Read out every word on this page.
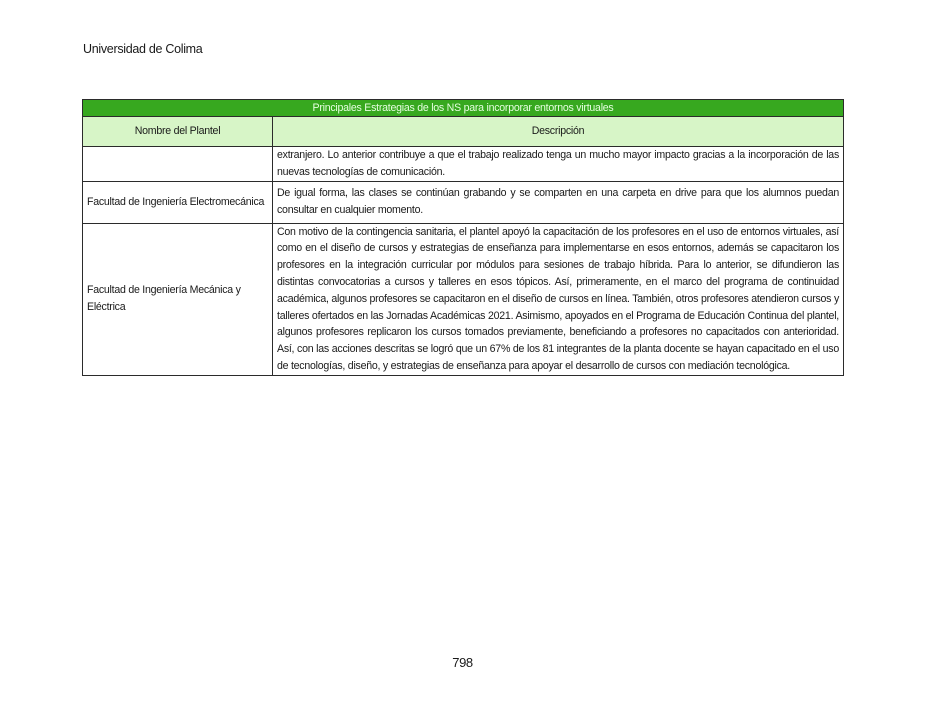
Universidad de Colima
Principales Estrategias de los NS para incorporar entornos virtuales	
Nombre del Plantel	Descripción
	extranjero. Lo anterior contribuye a que el trabajo realizado tenga un mucho mayor impacto gracias a la incorporación de las nuevas tecnologías de comunicación.
Facultad de Ingeniería Electromecánica	De igual forma, las clases se continúan grabando y se comparten en una carpeta en drive para que los alumnos puedan consultar en cualquier momento.
Facultad de Ingeniería Mecánica y Eléctrica	Con motivo de la contingencia sanitaria, el plantel apoyó la capacitación de los profesores en el uso de entornos virtuales, así como en el diseño de cursos y estrategias de enseñanza para implementarse en esos entornos, además se capacitaron los profesores en la integración curricular por módulos para sesiones de trabajo híbrida. Para lo anterior, se difundieron las distintas convocatorias a cursos y talleres en esos tópicos. Así, primeramente, en el marco del programa de continuidad académica, algunos profesores se capacitaron en el diseño de cursos en línea. También, otros profesores atendieron cursos y talleres ofertados en las Jornadas Académicas 2021. Asimismo, apoyados en el Programa de Educación Continua del plantel, algunos profesores replicaron los cursos tomados previamente, beneficiando a profesores no capacitados con anterioridad. Así, con las acciones descritas se logró que un 67% de los 81 integrantes de la planta docente se hayan capacitado en el uso de tecnologías, diseño, y estrategias de enseñanza para apoyar el desarrollo de cursos con mediación tecnológica.
798
